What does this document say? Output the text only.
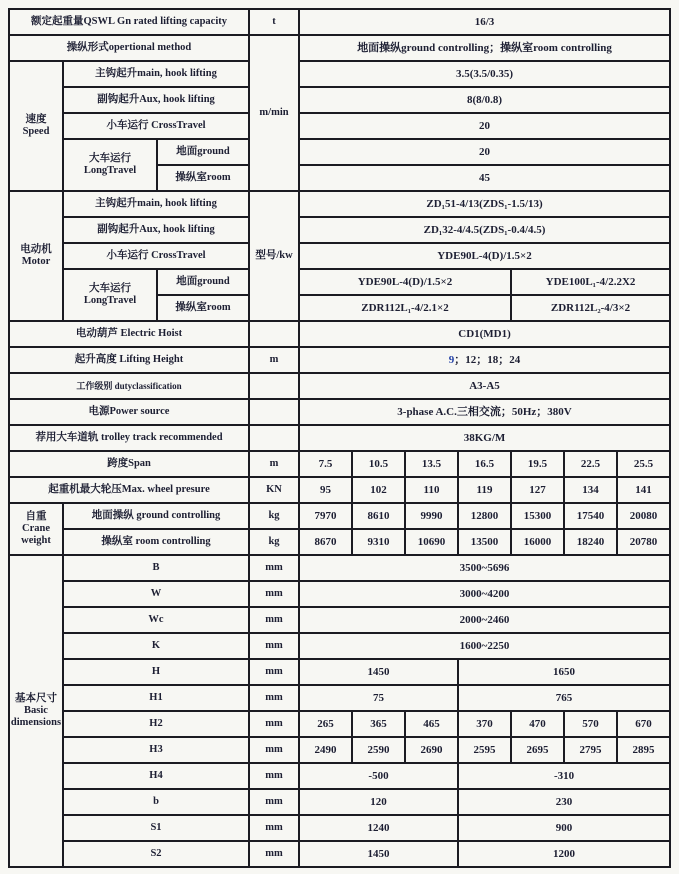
额定起重量QSWL Gn rated lifting capacity			t	16/3						
操纵形式opertional method			m/min	地面操纵ground controlling；操纵室room controlling						

速度
Speed	主钩起升main, hook lifting			3.5(3.5/0.35)						
	副钩起升Aux, hook lifting			8(8/0.8)						
	小车运行 CrossTravel			20						

	大车运行
LongTravel	地面ground		20						
		操纵室room		45						

电动机
Motor	主钩起升main, hook lifting		型号/kw	ZD₁51-4/13(ZDS₁-1.5/13)						
	副钩起升Aux, hook lifting			ZD₁32-4/4.5(ZDS₁-0.4/4.5)						
	小车运行 CrossTravel			YDE90L-4(D)/1.5×2						

	大车运行
LongTravel	地面ground		YDE90L-4(D)/1.5×2				YDE100L₁-4/2.2X2		
		操纵室room		ZDR112L₁-4/2.1×2				ZDR112L₂-4/3×2		
电动葫芦 Electric Hoist				CD1(MD1)						
起升高度 Lifting Height			m	9；12；18；24						
工作级别 dutyclassification				A3-A5						
电源Power source				3-phase A.C.三相交流；50Hz；380V						
荐用大车道轨 trolley track recommended				38KG/M						
跨度Span			m	7.5	10.5	13.5	16.5	19.5	22.5	25.5
起重机最大轮压Max. wheel presure			KN	95	102	110	119	127	134	141

自重
Crane
weight	地面操纵 ground controlling		kg	7970	8610	9990	12800	15300	17540	20080
	操纵室 room controlling		kg	8670	9310	10690	13500	16000	18240	20780

基本尺寸
Basic
dimensions	B		mm	3500~5696						
	W		mm	3000~4200						
	Wc		mm	2000~2460						
	K		mm	1600~2250						
	H		mm	1450			1650			
	H1		mm	75			765			
	H2		mm	265	365	465	370	470	570	670
	H3		mm	2490	2590	2690	2595	2695	2795	2895
	H4		mm	-500			-310			
	b		mm	120			230			
	S1		mm	1240			900			
	S2		mm	1450			1200			
